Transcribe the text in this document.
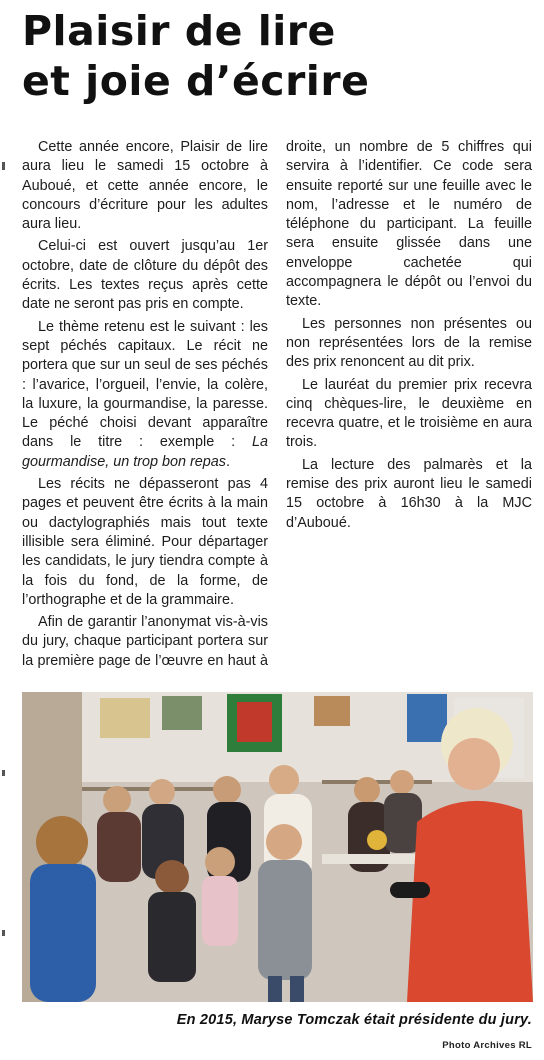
Plaisir de lire
et joie d’écrire

Cette année encore, Plaisir de lire aura lieu le samedi 15 octobre à Auboué, et cette année encore, le concours d’écriture pour les adultes aura lieu.

Celui-ci est ouvert jusqu’au 1er octobre, date de clôture du dépôt des écrits. Les textes reçus après cette date ne seront pas pris en compte.

Le thème retenu est le suivant : les sept péchés capitaux. Le récit ne portera que sur un seul de ses péchés : l’avarice, l’orgueil, l’envie, la colère, la luxure, la gourmandise, la paresse. Le péché choisi devant apparaître dans le titre : exemple : La gourmandise, un trop bon repas.

Les récits ne dépasseront pas 4 pages et peuvent être écrits à la main ou dactylographiés mais tout texte illisible sera éliminé. Pour départager les candidats, le jury tiendra compte à la fois du fond, de la forme, de l’orthographe et de la grammaire.

Afin de garantir l’anonymat vis-à-vis du jury, chaque participant portera sur la première page de l’œuvre en haut à droite, un nombre de 5 chiffres qui servira à l’identifier. Ce code sera ensuite reporté sur une feuille avec le nom, l’adresse et le numéro de téléphone du participant. La feuille sera ensuite glissée dans une enveloppe cachetée qui accompagnera le dépôt ou l’envoi du texte.

Les personnes non présentes ou non représentées lors de la remise des prix renoncent au dit prix.

Le lauréat du premier prix recevra cinq chèques-lire, le deuxième en recevra quatre, et le troisième en aura trois.

La lecture des palmarès et la remise des prix auront lieu le samedi 15 octobre à 16h30 à la MJC d’Auboué.

En 2015, Maryse Tomczak était présidente du jury.

Photo Archives RL
